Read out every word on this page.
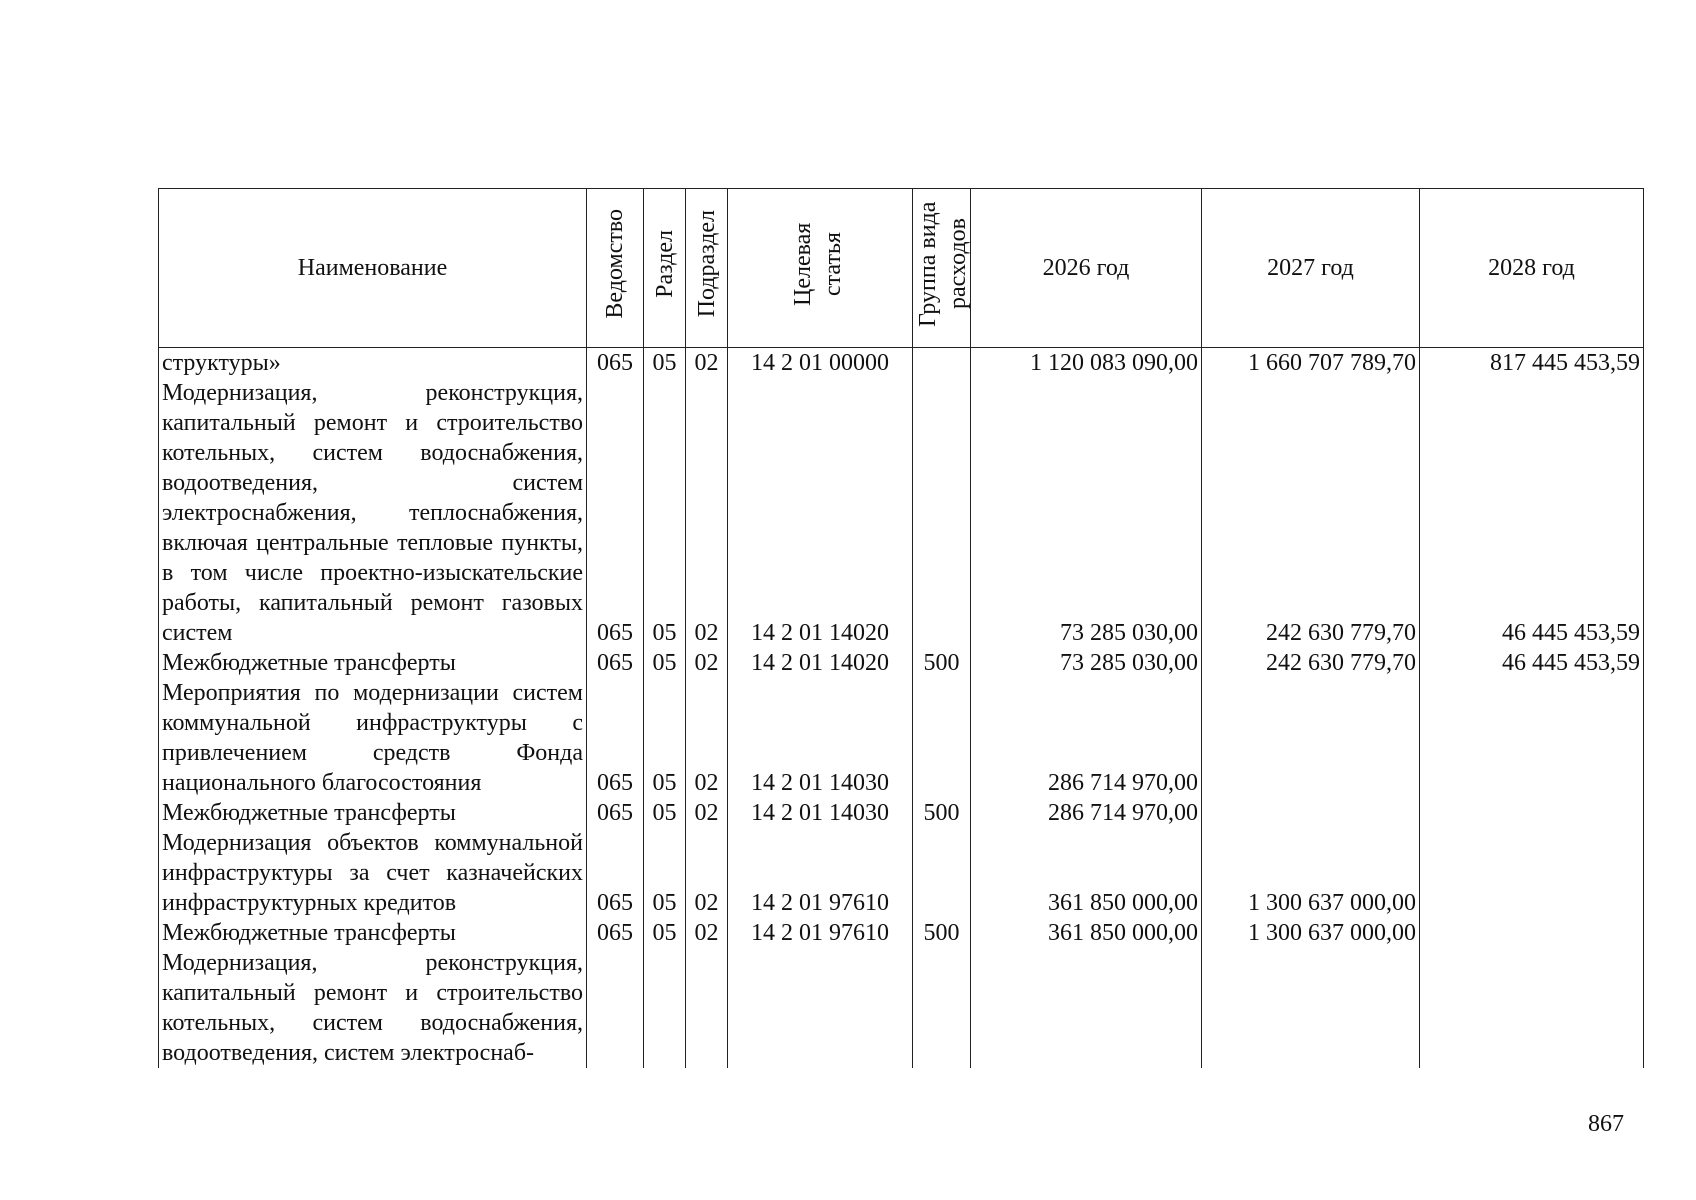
Наименование	Ведомство	Раздел	Подраздел	Целевая статья	Группа вида расходов	2026 год	2027 год	2028 год
структуры»	065	05	02	14 2 01 00000		1 120 083 090,00	1 660 707 789,70	817 445 453,59
Модернизация, реконструкция, капитальный ремонт и строительство котельных, систем водоснабжения, водоотведения, систем электроснабжения, теплоснабжения, включая центральные тепловые пункты, в том числе проектно-изыскательские работы, капитальный ремонт газовых систем	065	05	02	14 2 01 14020		73 285 030,00	242 630 779,70	46 445 453,59
Межбюджетные трансферты	065	05	02	14 2 01 14020	500	73 285 030,00	242 630 779,70	46 445 453,59
Мероприятия по модернизации систем коммунальной инфраструктуры с привлечением средств Фонда национального благосостояния	065	05	02	14 2 01 14030		286 714 970,00		
Межбюджетные трансферты	065	05	02	14 2 01 14030	500	286 714 970,00		
Модернизация объектов коммунальной инфраструктуры за счет казначейских инфраструктурных кредитов	065	05	02	14 2 01 97610		361 850 000,00	1 300 637 000,00	
Межбюджетные трансферты	065	05	02	14 2 01 97610	500	361 850 000,00	1 300 637 000,00	
Модернизация, реконструкция, капитальный ремонт и строительство котельных, систем водоснабжения, водоотведения, систем электроснаб-								
867
